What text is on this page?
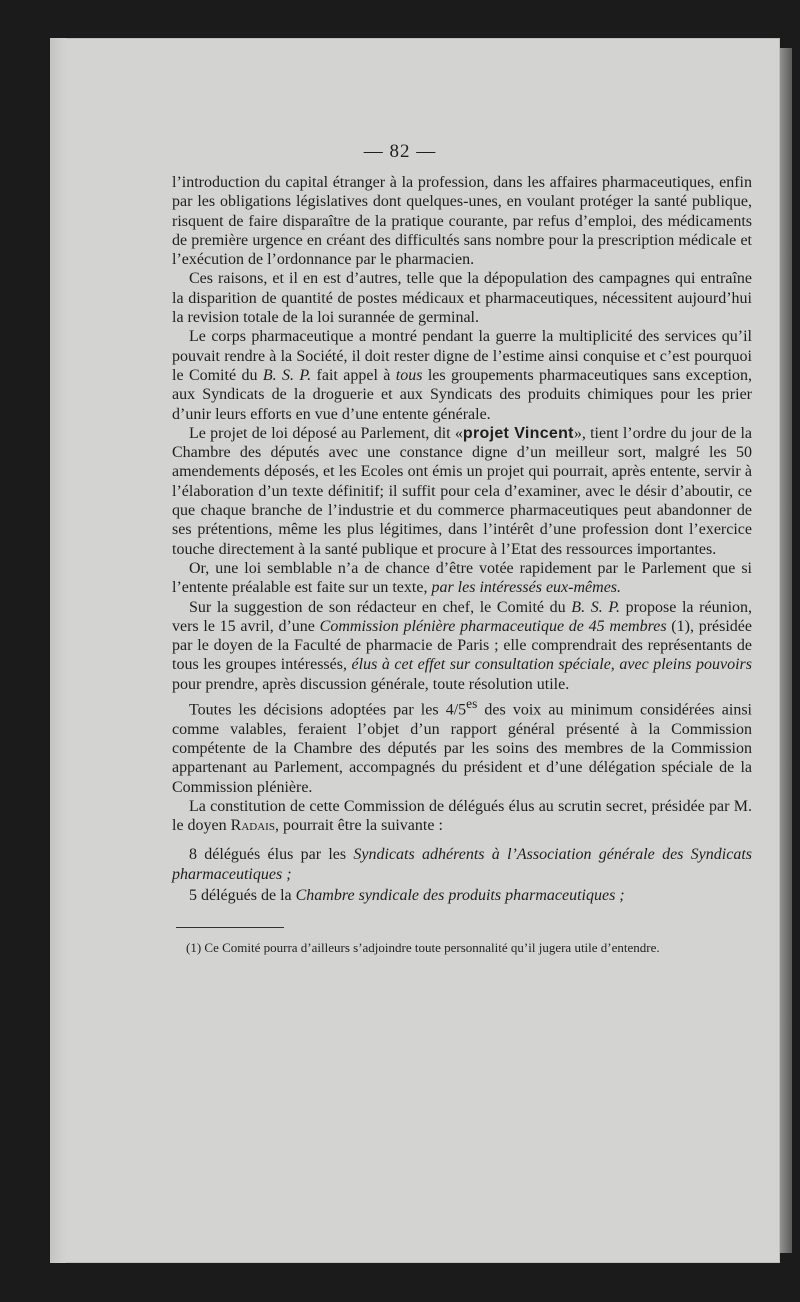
— 82 —

l’introduction du capital étranger à la profession, dans les affaires pharmaceutiques, enfin par les obligations législatives dont quelques-unes, en voulant protéger la santé publique, risquent de faire disparaître de la pratique courante, par refus d’emploi, des médicaments de première urgence en créant des difficultés sans nombre pour la prescription médicale et l’exécution de l’ordonnance par le pharmacien.

Ces raisons, et il en est d’autres, telle que la dépopulation des campagnes qui entraîne la disparition de quantité de postes médicaux et pharmaceutiques, nécessitent aujourd’hui la revision totale de la loi surannée de germinal.

Le corps pharmaceutique a montré pendant la guerre la multiplicité des services qu’il pouvait rendre à la Société, il doit rester digne de l’estime ainsi conquise et c’est pourquoi le Comité du B. S. P. fait appel à tous les groupements pharmaceutiques sans exception, aux Syndicats de la droguerie et aux Syndicats des produits chimiques pour les prier d’unir leurs efforts en vue d’une entente générale.

Le projet de loi déposé au Parlement, dit «projet Vincent», tient l’ordre du jour de la Chambre des députés avec une constance digne d’un meilleur sort, malgré les 50 amendements déposés, et les Ecoles ont émis un projet qui pourrait, après entente, servir à l’élaboration d’un texte définitif; il suffit pour cela d’examiner, avec le désir d’aboutir, ce que chaque branche de l’industrie et du commerce pharmaceutiques peut abandonner de ses prétentions, même les plus légitimes, dans l’intérêt d’une profession dont l’exercice touche directement à la santé publique et procure à l’Etat des ressources importantes.

Or, une loi semblable n’a de chance d’être votée rapidement par le Parlement que si l’entente préalable est faite sur un texte, par les intéressés eux-mêmes.

Sur la suggestion de son rédacteur en chef, le Comité du B. S. P. propose la réunion, vers le 15 avril, d’une Commission plénière pharmaceutique de 45 membres (1), présidée par le doyen de la Faculté de pharmacie de Paris ; elle comprendrait des représentants de tous les groupes intéressés, élus à cet effet sur consultation spéciale, avec pleins pouvoirs pour prendre, après discussion générale, toute résolution utile.

Toutes les décisions adoptées par les $4/5^{es}$ des voix au minimum considérées ainsi comme valables, feraient l’objet d’un rapport général présenté à la Commission compétente de la Chambre des députés par les soins des membres de la Commission appartenant au Parlement, accompagnés du président et d’une délégation spéciale de la Commission plénière.

La constitution de cette Commission de délégués élus au scrutin secret, présidée par M. le doyen Radais, pourrait être la suivante :

8 délégués élus par les Syndicats adhérents à l’Association générale des Syndicats pharmaceutiques ;

5 délégués de la Chambre syndicale des produits pharmaceutiques ;

(1) Ce Comité pourra d’ailleurs s’adjoindre toute personnalité qu’il jugera utile d’entendre.
